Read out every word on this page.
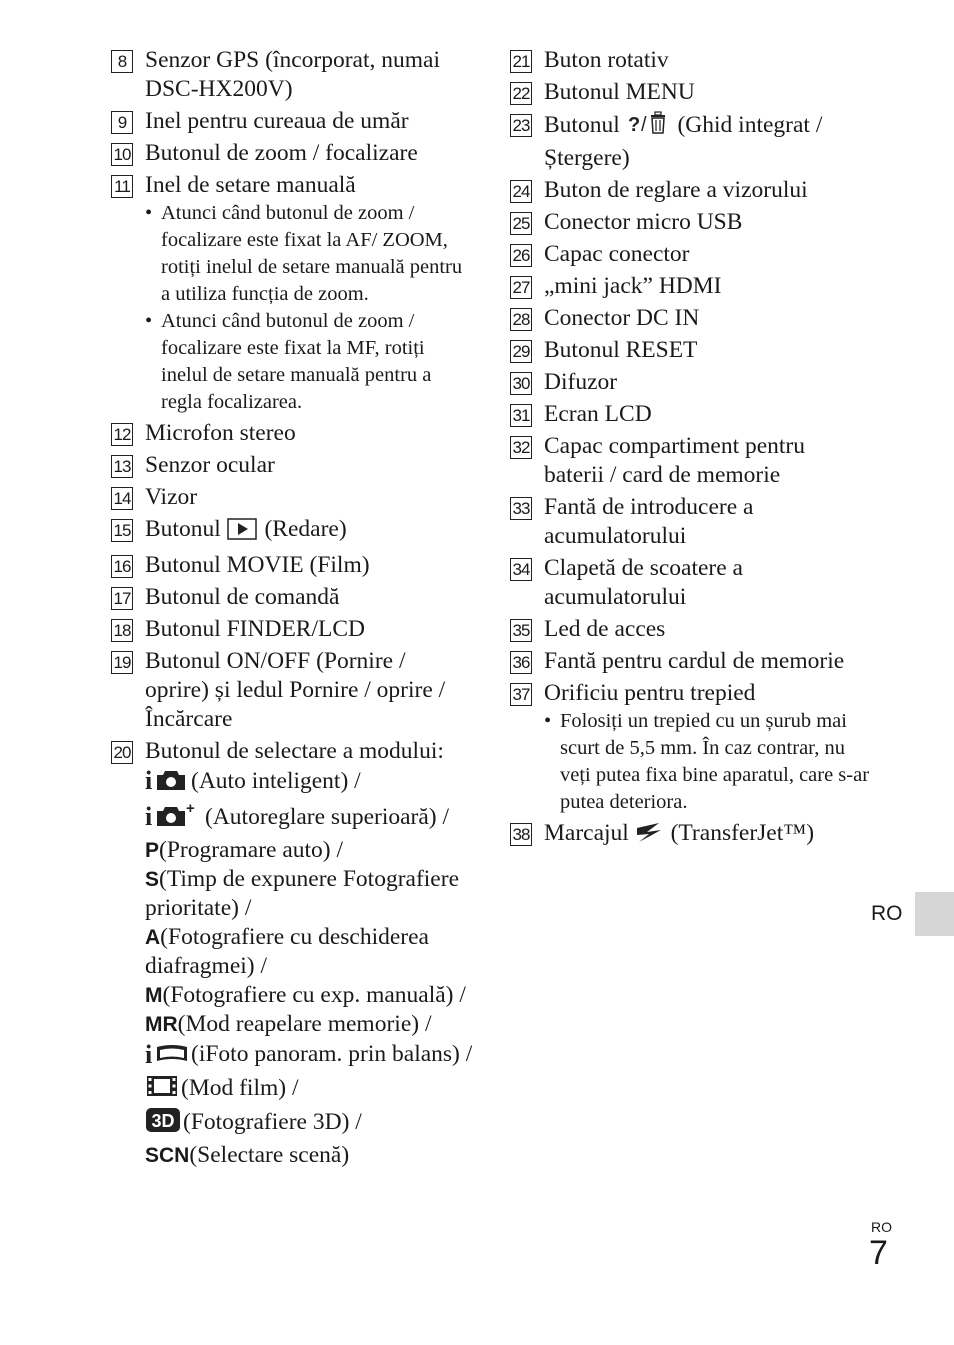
8 Senzor GPS (încorporat, numai DSC-HX200V)
9 Inel pentru cureaua de umăr
10 Butonul de zoom / focalizare
11 Inel de setare manuală
• Atunci când butonul de zoom / focalizare este fixat la AF/ ZOOM, rotiți inelul de setare manuală pentru a utiliza funcția de zoom.
• Atunci când butonul de zoom / focalizare este fixat la MF, rotiți inelul de setare manuală pentru a regla focalizarea.
12 Microfon stereo
13 Senzor ocular
14 Vizor
15 Butonul (Redare)
16 Butonul MOVIE (Film)
17 Butonul de comandă
18 Butonul FINDER/LCD
19 Butonul ON/OFF (Pornire / oprire) și ledul Pornire / oprire / Încărcare
20 Butonul de selectare a modului:
i (Auto inteligent) /
i + (Autoreglare superioară) /
P(Programare auto) /
S(Timp de expunere Fotografiere prioritate) /
A(Fotografiere cu deschiderea diafragmei) /
M(Fotografiere cu exp. manuală) /
MR(Mod reapelare memorie) /
i (iFoto panoram. prin balans) /
(Mod film) /
3D (Fotografiere 3D) /
SCN(Selectare scenă)
21 Buton rotativ
22 Butonul MENU
23 Butonul ? / (Ghid integrat / Ștergere)
24 Buton de reglare a vizorului
25 Conector micro USB
26 Capac conector
27 „mini jack” HDMI
28 Conector DC IN
29 Butonul RESET
30 Difuzor
31 Ecran LCD
32 Capac compartiment pentru baterii / card de memorie
33 Fantă de introducere a acumulatorului
34 Clapetă de scoatere a acumulatorului
35 Led de acces
36 Fantă pentru cardul de memorie
37 Orificiu pentru trepied
• Folosiți un trepied cu un șurub mai scurt de 5,5 mm. În caz contrar, nu veți putea fixa bine aparatul, care s-ar putea deteriora.
38 Marcajul (TransferJet™)
RO
RO
7
